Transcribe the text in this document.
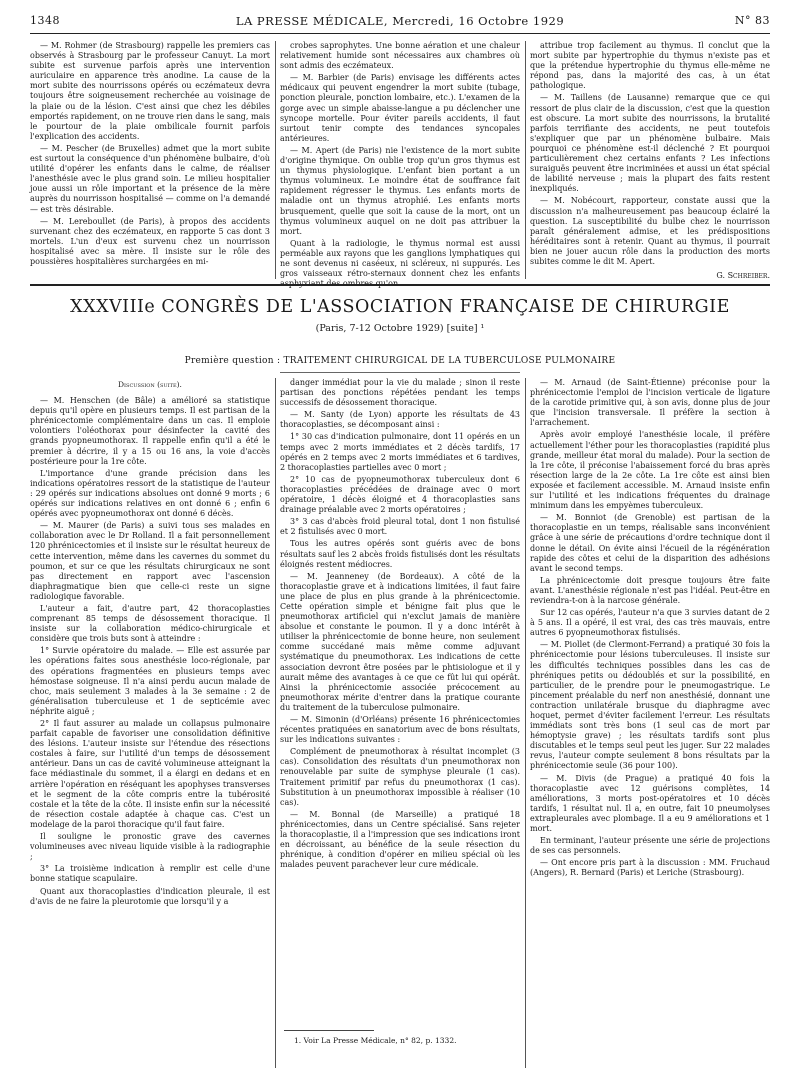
1348	LA PRESSE MÉDICALE, Mercredi, 16 Octobre 1929	N° 83

— M. Rohmer (de Strasbourg) rappelle les premiers cas observés à Strasbourg par le professeur Canuyt. La mort subite est survenue parfois après une intervention auriculaire en apparence très anodine. La cause de la mort subite des nourrissons opérés ou eczémateux devra toujours être soigneusement recherchée au voisinage de la plaie ou de la lésion. C'est ainsi que chez les débiles emportés rapidement, on ne trouve rien dans le sang, mais le pourtour de la plaie ombilicale fournit parfois l'explication des accidents.

— M. Pescher (de Bruxelles) admet que la mort subite est surtout la conséquence d'un phénomène bulbaire, d'où utilité d'opérer les enfants dans le calme, de réaliser l'anesthésie avec le plus grand soin. Le milieu hospitalier joue aussi un rôle important et la présence de la mère auprès du nourrisson hospitalisé — comme on l'a demandé — est très désirable.

— M. Lereboullet (de Paris), à propos des accidents survenant chez des eczémateux, en rapporte 5 cas dont 3 mortels. L'un d'eux est survenu chez un nourrisson hospitalisé avec sa mère. Il insiste sur le rôle des poussières hospitalières surchargées en mi-

crobes saprophytes. Une bonne aération et une chaleur relativement humide sont nécessaires aux chambres où sont admis des eczémateux.

— M. Barbier (de Paris) envisage les différents actes médicaux qui peuvent engendrer la mort subite (tubage, ponction pleurale, ponction lombaire, etc.). L'examen de la gorge avec un simple abaisse-langue a pu déclencher une syncope mortelle. Pour éviter pareils accidents, il faut surtout tenir compte des tendances syncopales antérieures.

— M. Apert (de Paris) nie l'existence de la mort subite d'origine thymique. On oublie trop qu'un gros thymus est un thymus physiologique. L'enfant bien portant a un thymus volumineux. Le moindre état de souffrance fait rapidement régresser le thymus. Les enfants morts de maladie ont un thymus atrophié. Les enfants morts brusquement, quelle que soit la cause de la mort, ont un thymus volumineux auquel on ne doit pas attribuer la mort.

Quant à la radiologie, le thymus normal est aussi perméable aux rayons que les ganglions lymphatiques qui ne sont devenus ni caséeux, ni scléreux, ni suppurés. Les gros vaisseaux rétro-sternaux donnent chez les enfants asphyxiant des ombres qu'on

attribue trop facilement au thymus. Il conclut que la mort subite par hypertrophie du thymus n'existe pas et que la prétendue hypertrophie du thymus elle-même ne répond pas, dans la majorité des cas, à un état pathologique.

— M. Taillens (de Lausanne) remarque que ce qui ressort de plus clair de la discussion, c'est que la question est obscure. La mort subite des nourrissons, la brutalité parfois terrifiante des accidents, ne peut toutefois s'expliquer que par un phénomène bulbaire. Mais pourquoi ce phénomène est-il déclenché ? Et pourquoi particulièrement chez certains enfants ? Les infections suraiguës peuvent être incriminées et aussi un état spécial de labilité nerveuse ; mais la plupart des faits restent inexpliqués.

— M. Nobécourt, rapporteur, constate aussi que la discussion n'a malheureusement pas beaucoup éclairé la question. La susceptibilité du bulbe chez le nourrisson paraît généralement admise, et les prédispositions héréditaires sont à retenir. Quant au thymus, il pourrait bien ne jouer aucun rôle dans la production des morts subites comme le dit M. Apert.

G. Schreiber.
XXXVIIIe CONGRÈS DE L'ASSOCIATION FRANÇAISE DE CHIRURGIE
(Paris, 7-12 Octobre 1929) [suite] ¹
Première question : TRAITEMENT CHIRURGICAL DE LA TUBERCULOSE PULMONAIRE
Discussion (suite).

— M. Henschen (de Bâle) a amélioré sa statistique depuis qu'il opère en plusieurs temps. Il est partisan de la phrénicectomie complémentaire dans un cas. Il emploie volontiers l'oléothorax pour désinfecter la cavité des grands pyopneumothorax. Il rappelle enfin qu'il a été le premier à décrire, il y a 15 ou 16 ans, la voie d'accès postérieure pour la 1re côte.

L'importance d'une grande précision dans les indications opératoires ressort de la statistique de l'auteur : 29 opérés sur indications absolues ont donné 9 morts ; 6 opérés sur indications relatives en ont donné 6 ; enfin 6 opérés avec pyopneumothorax ont donné 6 décès.

— M. Maurer (de Paris) a suivi tous ses malades en collaboration avec le Dr Rolland. Il a fait personnellement 120 phrénicectomies et il insiste sur le résultat heureux de cette intervention, même dans les cavernes du sommet du poumon, et sur ce que les résultats chirurgicaux ne sont pas directement en rapport avec l'ascension diaphragmatique bien que celle-ci reste un signe radiologique favorable.

L'auteur a fait, d'autre part, 42 thoracoplasties comprenant 85 temps de désossement thoracique. Il insiste sur la collaboration médico-chirurgicale et considère que trois buts sont à atteindre :

1° Survie opératoire du malade. — Elle est assurée par les opérations faites sous anesthésie loco-régionale, par des opérations fragmentées en plusieurs temps avec hémostase soigneuse. Il n'a ainsi perdu aucun malade de choc, mais seulement 3 malades à la 3e semaine : 2 de généralisation tuberculeuse et 1 de septicémie avec néphrite aiguë ;

2° Il faut assurer au malade un collapsus pulmonaire parfait capable de favoriser une consolidation définitive des lésions. L'auteur insiste sur l'étendue des résections costales à faire, sur l'utilité d'un temps de désossement antérieur. Dans un cas de cavité volumineuse atteignant la face médiastinale du sommet, il a élargi en dedans et en arrière l'opération en réséquant les apophyses transverses et le segment de la côte compris entre la tubérosité costale et la tête de la côte. Il insiste enfin sur la nécessité de résection costale adaptée à chaque cas. C'est un modelage de la paroi thoracique qu'il faut faire.

Il souligne le pronostic grave des cavernes volumineuses avec niveau liquide visible à la radiographie ;

3° La troisième indication à remplir est celle d'une bonne statique scapulaire.

Quant aux thoracoplasties d'indication pleurale, il est d'avis de ne faire la pleurotomie que lorsqu'il y a

danger immédiat pour la vie du malade ; sinon il reste partisan des ponctions répétées pendant les temps successifs de désossement thoracique.

— M. Santy (de Lyon) apporte les résultats de 43 thoracoplasties, se décomposant ainsi :

1° 30 cas d'indication pulmonaire, dont 11 opérés en un temps avec 2 morts immédiates et 2 décès tardifs, 17 opérés en 2 temps avec 2 morts immédiates et 6 tardives, 2 thoracoplasties partielles avec 0 mort ;

2° 10 cas de pyopneumothorax tuberculeux dont 6 thoracoplasties précédées de drainage avec 0 mort opératoire, 1 décès éloigné et 4 thoracoplasties sans drainage préalable avec 2 morts opératoires ;

3° 3 cas d'abcès froid pleural total, dont 1 non fistulisé et 2 fistulisés avec 0 mort.

Tous les autres opérés sont guéris avec de bons résultats sauf les 2 abcès froids fistulisés dont les résultats éloignés restent médiocres.

— M. Jeanneney (de Bordeaux). A côté de la thoracoplastie grave et à indications limitées, il faut faire une place de plus en plus grande à la phrénicectomie. Cette opération simple et bénigne fait plus que le pneumothorax artificiel qui n'exclut jamais de manière absolue et constante le poumon. Il y a donc intérêt à utiliser la phrénicectomie de bonne heure, non seulement comme succédané mais même comme adjuvant systématique du pneumothorax. Les indications de cette association devront être posées par le phtisiologue et il y aurait même des avantages à ce que ce fût lui qui opérât. Ainsi la phrénicectomie associée précocement au pneumothorax mérite d'entrer dans la pratique courante du traitement de la tuberculose pulmonaire.

— M. Simonin (d'Orléans) présente 16 phrénicectomies récentes pratiquées en sanatorium avec de bons résultats, sur les indications suivantes :

Complément de pneumothorax à résultat incomplet (3 cas). Consolidation des résultats d'un pneumothorax non renouvelable par suite de symphyse pleurale (1 cas). Traitement primitif par refus du pneumothorax (1 cas). Substitution à un pneumothorax impossible à réaliser (10 cas).

— M. Bonnal (de Marseille) a pratiqué 18 phrénicectomies, dans un Centre spécialisé. Sans rejeter la thoracoplastie, il a l'impression que ses indications iront en décroissant, au bénéfice de la seule résection du phrénique, à condition d'opérer en milieu spécial où les malades peuvent parachever leur cure médicale.

— M. Arnaud (de Saint-Étienne) préconise pour la phrénicectomie l'emploi de l'incision verticale de ligature de la carotide primitive qui, à son avis, donne plus de jour que l'incision transversale. Il préfère la section à l'arrachement.

Après avoir employé l'anesthésie locale, il préfère actuellement l'éther pour les thoracoplasties (rapidité plus grande, meilleur état moral du malade). Pour la section de la 1re côte, il préconise l'abaissement forcé du bras après résection large de la 2e côte. La 1re côte est ainsi bien exposée et facilement accessible. M. Arnaud insiste enfin sur l'utilité et les indications fréquentes du drainage minimum dans les empyèmes tuberculeux.

— M. Bonniot (de Grenoble) est partisan de la thoracoplastie en un temps, réalisable sans inconvénient grâce à une série de précautions d'ordre technique dont il donne le détail. On évite ainsi l'écueil de la régénération rapide des côtes et celui de la disparition des adhésions avant le second temps.

La phrénicectomie doit presque toujours être faite avant. L'anesthésie régionale n'est pas l'idéal. Peut-être en reviendra-t-on à la narcose générale.

Sur 12 cas opérés, l'auteur n'a que 3 survies datant de 2 à 5 ans. Il a opéré, il est vrai, des cas très mauvais, entre autres 6 pyopneumothorax fistulisés.

— M. Piollet (de Clermont-Ferrand) a pratiqué 30 fois la phrénicectomie pour lésions tuberculeuses. Il insiste sur les difficultés techniques possibles dans les cas de phréniques petits ou dédoublés et sur la possibilité, en particulier, de le prendre pour le pneumogastrique. Le pincement préalable du nerf non anesthésié, donnant une contraction unilatérale brusque du diaphragme avec hoquet, permet d'éviter facilement l'erreur. Les résultats immédiats sont très bons (1 seul cas de mort par hémoptysie grave) ; les résultats tardifs sont plus discutables et le temps seul peut les juger. Sur 22 malades revus, l'auteur compte seulement 8 bons résultats par la phrénicectomie seule (36 pour 100).

— M. Divis (de Prague) a pratiqué 40 fois la thoracoplastie avec 12 guérisons complètes, 14 améliorations, 3 morts post-opératoires et 10 décès tardifs, 1 résultat nul. Il a, en outre, fait 10 pneumolyses extrapleurales avec plombage. Il a eu 9 améliorations et 1 mort.

En terminant, l'auteur présente une série de projections de ses cas personnels.

— Ont encore pris part à la discussion : MM. Fruchaud (Angers), R. Bernard (Paris) et Leriche (Strasbourg).

1. Voir La Presse Médicale, n° 82, p. 1332.
